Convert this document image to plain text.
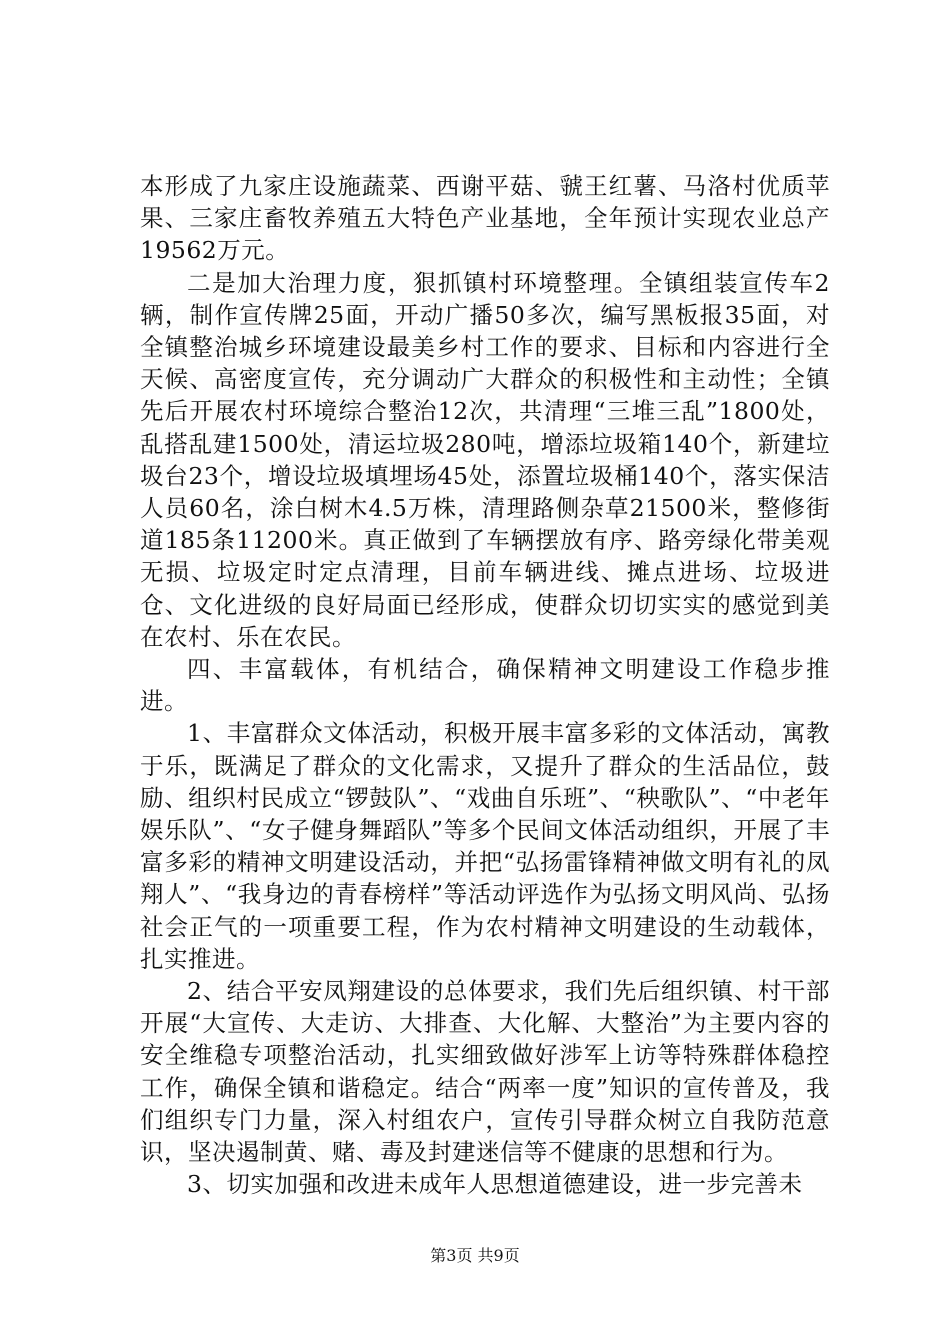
本形成了九家庄设施蔬菜、西谢平菇、虢王红薯、马洛村优质苹果、三家庄畜牧养殖五大特色产业基地，全年预计实现农业总产19562万元。

二是加大治理力度，狠抓镇村环境整理。全镇组装宣传车2辆，制作宣传牌25面，开动广播50多次，编写黑板报35面，对全镇整治城乡环境建设最美乡村工作的要求、目标和内容进行全天候、高密度宣传，充分调动广大群众的积极性和主动性；全镇先后开展农村环境综合整治12次，共清理“三堆三乱”1800处，乱搭乱建1500处，清运垃圾280吨，增添垃圾箱140个，新建垃圾台23个，增设垃圾填埋场45处，添置垃圾桶140个，落实保洁人员60名，涂白树木4.5万株，清理路侧杂草21500米，整修街道185条11200米。真正做到了车辆摆放有序、路旁绿化带美观无损、垃圾定时定点清理，目前车辆进线、摊点进场、垃圾进仓、文化进级的良好局面已经形成，使群众切切实实的感觉到美在农村、乐在农民。

四、丰富载体，有机结合，确保精神文明建设工作稳步推进。

1、丰富群众文体活动，积极开展丰富多彩的文体活动，寓教于乐，既满足了群众的文化需求，又提升了群众的生活品位，鼓励、组织村民成立“锣鼓队”、“戏曲自乐班”、“秧歌队”、“中老年娱乐队”、“女子健身舞蹈队”等多个民间文体活动组织，开展了丰富多彩的精神文明建设活动，并把“弘扬雷锋精神做文明有礼的凤翔人”、“我身边的青春榜样”等活动评选作为弘扬文明风尚、弘扬社会正气的一项重要工程，作为农村精神文明建设的生动载体，扎实推进。

2、结合平安凤翔建设的总体要求，我们先后组织镇、村干部开展“大宣传、大走访、大排查、大化解、大整治”为主要内容的安全维稳专项整治活动，扎实细致做好涉军上访等特殊群体稳控工作，确保全镇和谐稳定。结合“两率一度”知识的宣传普及，我们组织专门力量，深入村组农户，宣传引导群众树立自我防范意识，坚决遏制黄、赌、毒及封建迷信等不健康的思想和行为。

3、切实加强和改进未成年人思想道德建设，进一步完善未

第3页 共9页
